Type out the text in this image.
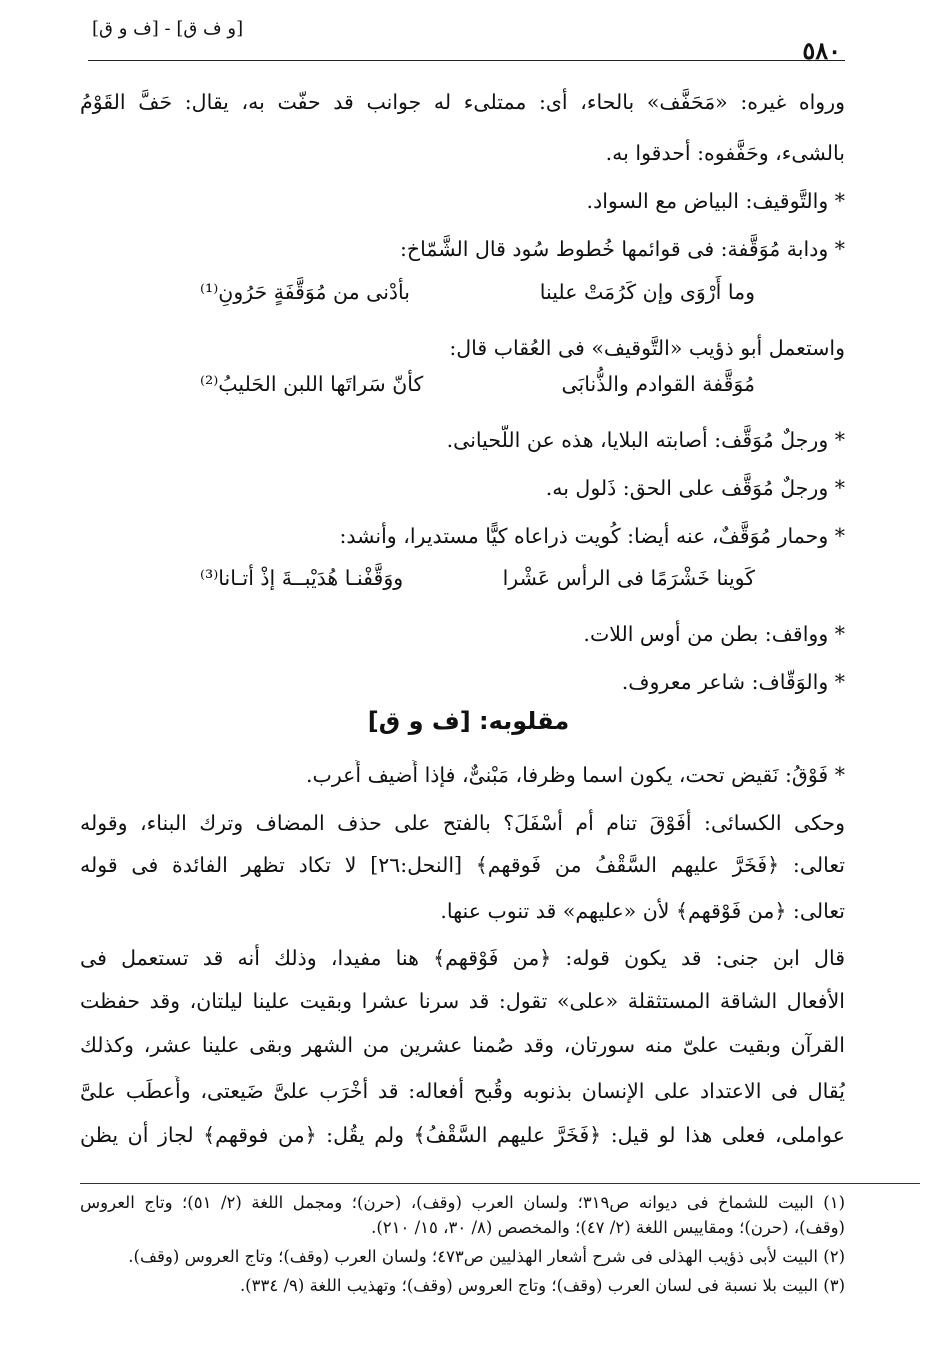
[و ف ق] - [ف و ق]
٥٨٠
ورواه غيره: «مَحَفَّف» بالحاء، أى: ممتلىء له جوانب قد حفّت به، يقال: حَفَّ القَوْمُ
بالشىء، وحَفَّفوه: أحدقوا به.
* والتَّوقيف: البياض مع السواد.
* ودابة مُوَقَّفة: فى قوائمها خُطوط سُود قال الشَّمّاخ:
وما أَرْوَى وإن كَرُمَتْ علينا
بأدْنى من مُوَقَّفَةٍ حَرُونِ⁽¹⁾
واستعمل أبو ذؤيب «التَّوقيف» فى العُقاب قال:
مُوَقَّفة القوادم والذُّنابَى
كأنّ سَراتَها اللبن الحَليبُ⁽²⁾
* ورجلٌ مُوَقَّف: أصابته البلايا، هذه عن اللَّحيانى.
* ورجلٌ مُوَقَّف على الحق: ذَلول به.
* وحمار مُوَقَّفٌ، عنه أيضا: كُويت ذراعاه كيًّا مستديرا، وأنشد:
كَوينا خَشْرَمًا فى الرأس عَشْرا
ووَقَّفْنـا هُدَيْبــةَ إذْ أتـانا⁽³⁾
* وواقف: بطن من أوس اللات.
* والوَقّاف: شاعر معروف.
مقلوبه: [ف و ق]
* فَوْقُ: نَقيض تحت، يكون اسما وظرفا، مَبْنىٌّ، فإذا أُضيف أُعرب.
وحكى الكسائى: أفَوْقَ تنام أم أسْفَلَ؟ بالفتح على حذف المضاف وترك البناء، وقوله
تعالى: ﴿فَخَرَّ عليهم السَّقْفُ من فَوقهم﴾ [النحل:٢٦] لا تكاد تظهر الفائدة فى قوله
تعالى: ﴿من فَوْقهم﴾ لأن «عليهم» قد تنوب عنها.
قال ابن جنى: قد يكون قوله: ﴿من فَوْقهم﴾ هنا مفيدا، وذلك أنه قد تستعمل فى
الأفعال الشاقة المستثقلة «على» تقول: قد سرنا عشرا وبقيت علينا ليلتان، وقد حفظت
القرآن وبقيت علىّ منه سورتان، وقد صُمنا عشرين من الشهر وبقى علينا عشر، وكذلك
يُقال فى الاعتداد على الإنسان بذنوبه وقُبح أفعاله: قد أخْرَب علىَّ ضَيعتى، وأَعطَب علىَّ
عواملى، فعلى هذا لو قيل: ﴿فَخَرَّ عليهم السَّقْفُ﴾ ولم يقُل: ﴿من فوقهم﴾ لجاز أن يظن
(١) البيت للشماخ فى ديوانه ص٣١٩؛ ولسان العرب (وقف)، (حرن)؛ ومجمل اللغة (٢/ ٥١)؛ وتاج العروس
(وقف)، (حرن)؛ ومقاييس اللغة (٢/ ٤٧)؛ والمخصص (٨/ ٣٠، ١٥/ ٢١٠).
(٢) البيت لأبى ذؤيب الهذلى فى شرح أشعار الهذليين ص٤٧٣؛ ولسان العرب (وقف)؛ وتاج العروس (وقف).
(٣) البيت بلا نسبة فى لسان العرب (وقف)؛ وتاج العروس (وقف)؛ وتهذيب اللغة (٩/ ٣٣٤).
